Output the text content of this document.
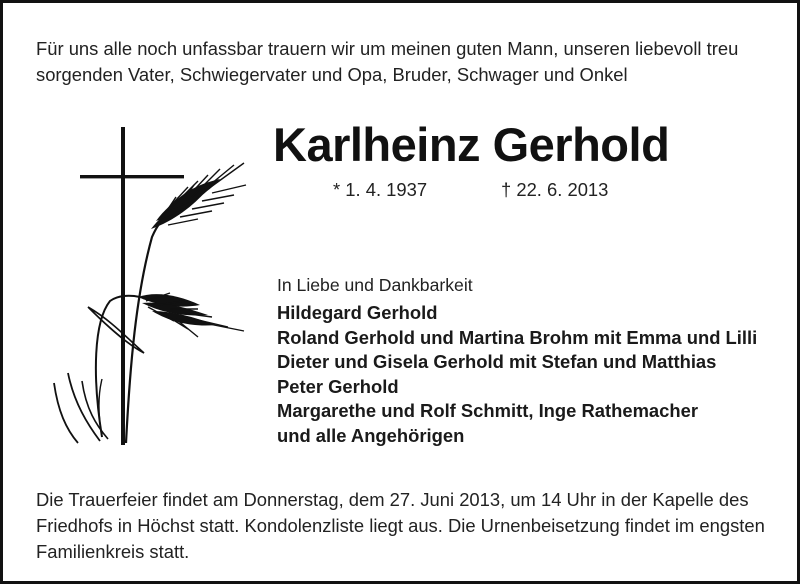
Für uns alle noch unfassbar trauern wir um meinen guten Mann, unseren liebevoll treu sorgenden Vater, Schwiegervater und Opa, Bruder, Schwager und Onkel
Karlheinz Gerhold
* 1. 4. 1937	† 22. 6. 2013
In Liebe und Dankbarkeit
Hildegard Gerhold
Roland Gerhold und Martina Brohm mit Emma und Lilli
Dieter und Gisela Gerhold mit Stefan und Matthias
Peter Gerhold
Margarethe und Rolf Schmitt, Inge Rathemacher
und alle Angehörigen
Die Trauerfeier findet am Donnerstag, dem 27. Juni 2013, um 14 Uhr in der Kapelle des Friedhofs in Höchst statt. Kondolenzliste liegt aus. Die Urnenbeisetzung findet im engsten Familienkreis statt.
